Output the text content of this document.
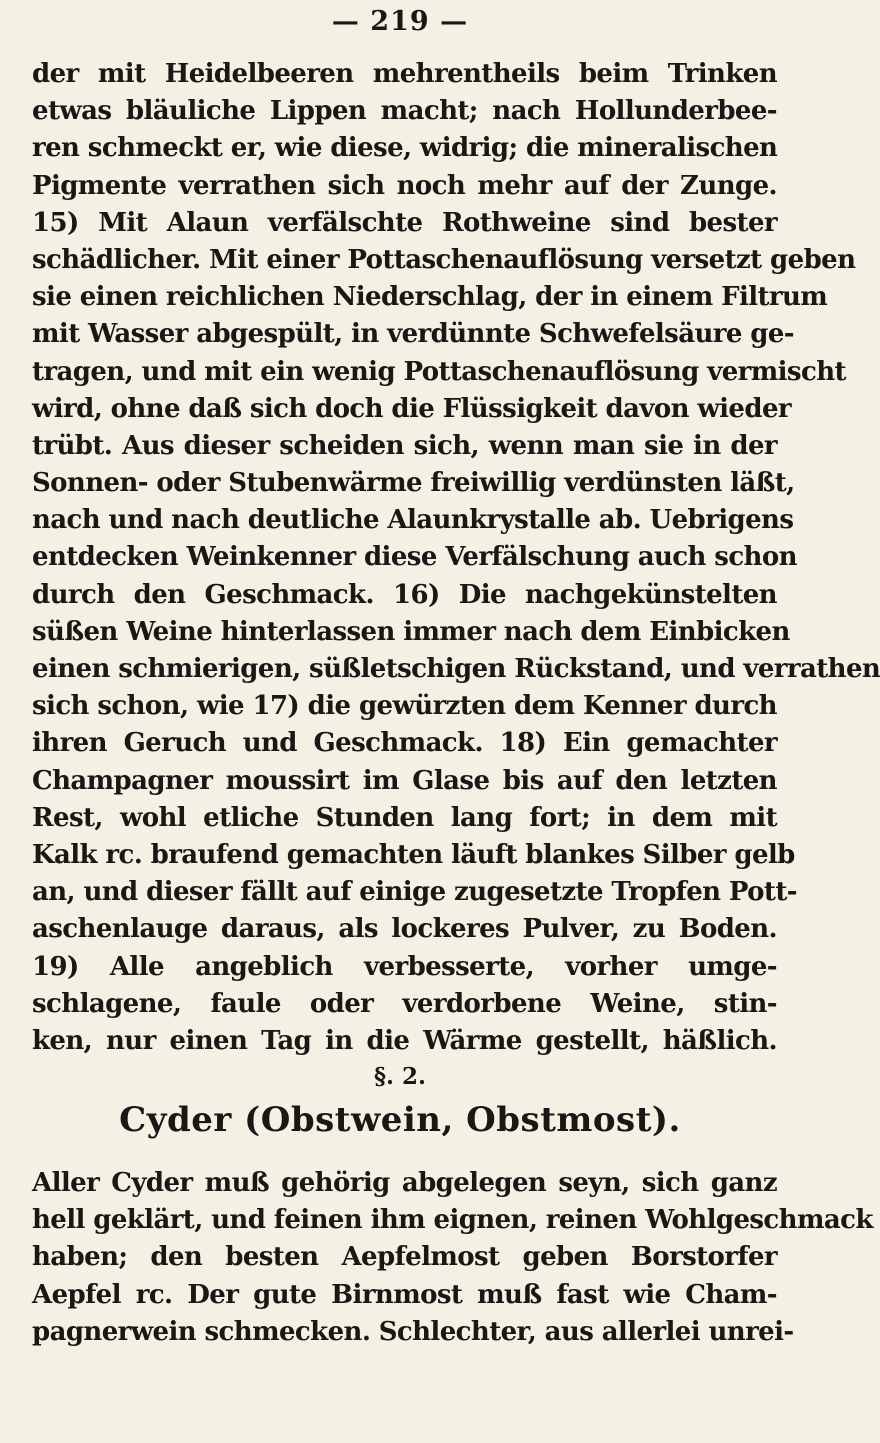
— 219 —
der mit Heidelbeeren mehrentheils beim Trinken
etwas bläuliche Lippen macht; nach Hollunderbee-
ren schmeckt er, wie diese, widrig; die mineralischen
Pigmente verrathen sich noch mehr auf der Zunge.
15) Mit Alaun verfälschte Rothweine sind bester
schädlicher. Mit einer Pottaschenauflösung versetzt geben
sie einen reichlichen Niederschlag, der in einem Filtrum
mit Wasser abgespült, in verdünnte Schwefelsäure ge-
tragen, und mit ein wenig Pottaschenauflösung vermischt
wird, ohne daß sich doch die Flüssigkeit davon wieder
trübt. Aus dieser scheiden sich, wenn man sie in der
Sonnen- oder Stubenwärme freiwillig verdünsten läßt,
nach und nach deutliche Alaunkrystalle ab. Uebrigens
entdecken Weinkenner diese Verfälschung auch schon
durch den Geschmack. 16) Die nachgekünstelten
süßen Weine hinterlassen immer nach dem Einbicken
einen schmierigen, süßletschigen Rückstand, und verrathen
sich schon, wie 17) die gewürzten dem Kenner durch
ihren Geruch und Geschmack. 18) Ein gemachter
Champagner moussirt im Glase bis auf den letzten
Rest, wohl etliche Stunden lang fort; in dem mit
Kalk rc. braufend gemachten läuft blankes Silber gelb
an, und dieser fällt auf einige zugesetzte Tropfen Pott-
aschenlauge daraus, als lockeres Pulver, zu Boden.
19) Alle angeblich verbesserte, vorher umge-
schlagene, faule oder verdorbene Weine, stin-
ken, nur einen Tag in die Wärme gestellt, häßlich.
§. 2.
Cyder (Obstwein, Obstmost).
Aller Cyder muß gehörig abgelegen seyn, sich ganz
hell geklärt, und feinen ihm eignen, reinen Wohlgeschmack
haben; den besten Aepfelmost geben Borstorfer
Aepfel rc. Der gute Birnmost muß fast wie Cham-
pagnerwein schmecken. Schlechter, aus allerlei unrei-
